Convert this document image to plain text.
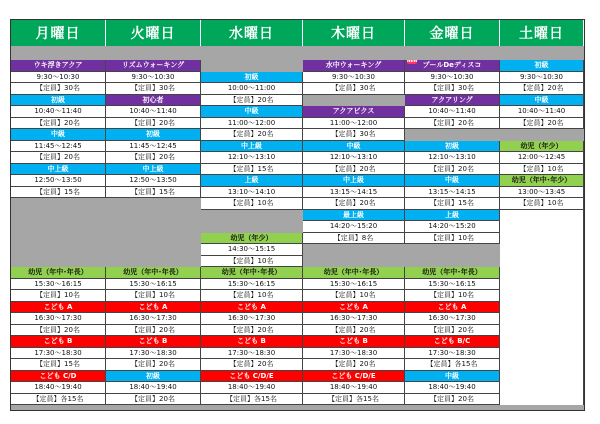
月曜日
ウキ浮きアクア
9:30〜10:30
【定員】30名
初級
10:40〜11:40
【定員】20名
中級
11:45〜12:45
【定員】20名
中上級
12:50〜13:50
【定員】15名
幼児（年中･年長）
15:30〜16:15
【定員】10名
こども A
16:30〜17:30
【定員】20名
こども B
17:30〜18:30
【定員】15名
こども C/D
18:40〜19:40
【定員】各15名
火曜日
リズムウォーキング
9:30〜10:30
【定員】30名
初心者
10:40〜11:40
【定員】20名
初級
11:45〜12:45
【定員】20名
中上級
12:50〜13:50
【定員】15名
幼児（年中･年長）
15:30〜16:15
【定員】10名
こども A
16:30〜17:30
【定員】20名
こども B
17:30〜18:30
【定員】20名
初級
18:40〜19:40
【定員】20名
水曜日
初級
10:00〜11:00
【定員】20名
中級
11:00〜12:00
【定員】20名
中上級
12:10〜13:10
【定員】15名
上級
13:10〜14:10
【定員】10名
幼児（年少）
14:30〜15:15
【定員】10名
幼児（年中･年長）
15:30〜16:15
【定員】10名
こども A
16:30〜17:30
【定員】20名
こども B
17:30〜18:30
【定員】20名
こども C/D/E
18:40〜19:40
【定員】各15名
木曜日
水中ウォーキング
9:30〜10:30
【定員】30名
アクアビクス
11:00〜12:00
【定員】30名
中級
12:10〜13:10
【定員】20名
中上級
13:15〜14:15
【定員】20名
最上級
14:20〜15:20
【定員】8名
幼児（年中･年長）
15:30〜16:15
【定員】10名
こども A
16:30〜17:30
【定員】20名
こども B
17:30〜18:30
【定員】20名
こども C/D/E
18:40〜19:40
【定員】各15名
金曜日
プールDeディスコ
NEW
9:30〜10:30
【定員】30名
アクアリング
10:40〜11:40
【定員】20名
初級
12:10〜13:10
【定員】20名
中級
13:15〜14:15
【定員】15名
上級
14:20〜15:20
【定員】10名
幼児（年中･年長）
15:30〜16:15
【定員】10名
こども A
16:30〜17:30
【定員】20名
こども B/C
17:30〜18:30
【定員】各15名
中級
18:40〜19:40
【定員】20名
土曜日
初級
9:30〜10:30
【定員】20名
中級
10:40〜11:40
【定員】20名
幼児（年少）
12:00〜12:45
【定員】10名
幼児（年中･年少）
13:00〜13:45
【定員】10名
